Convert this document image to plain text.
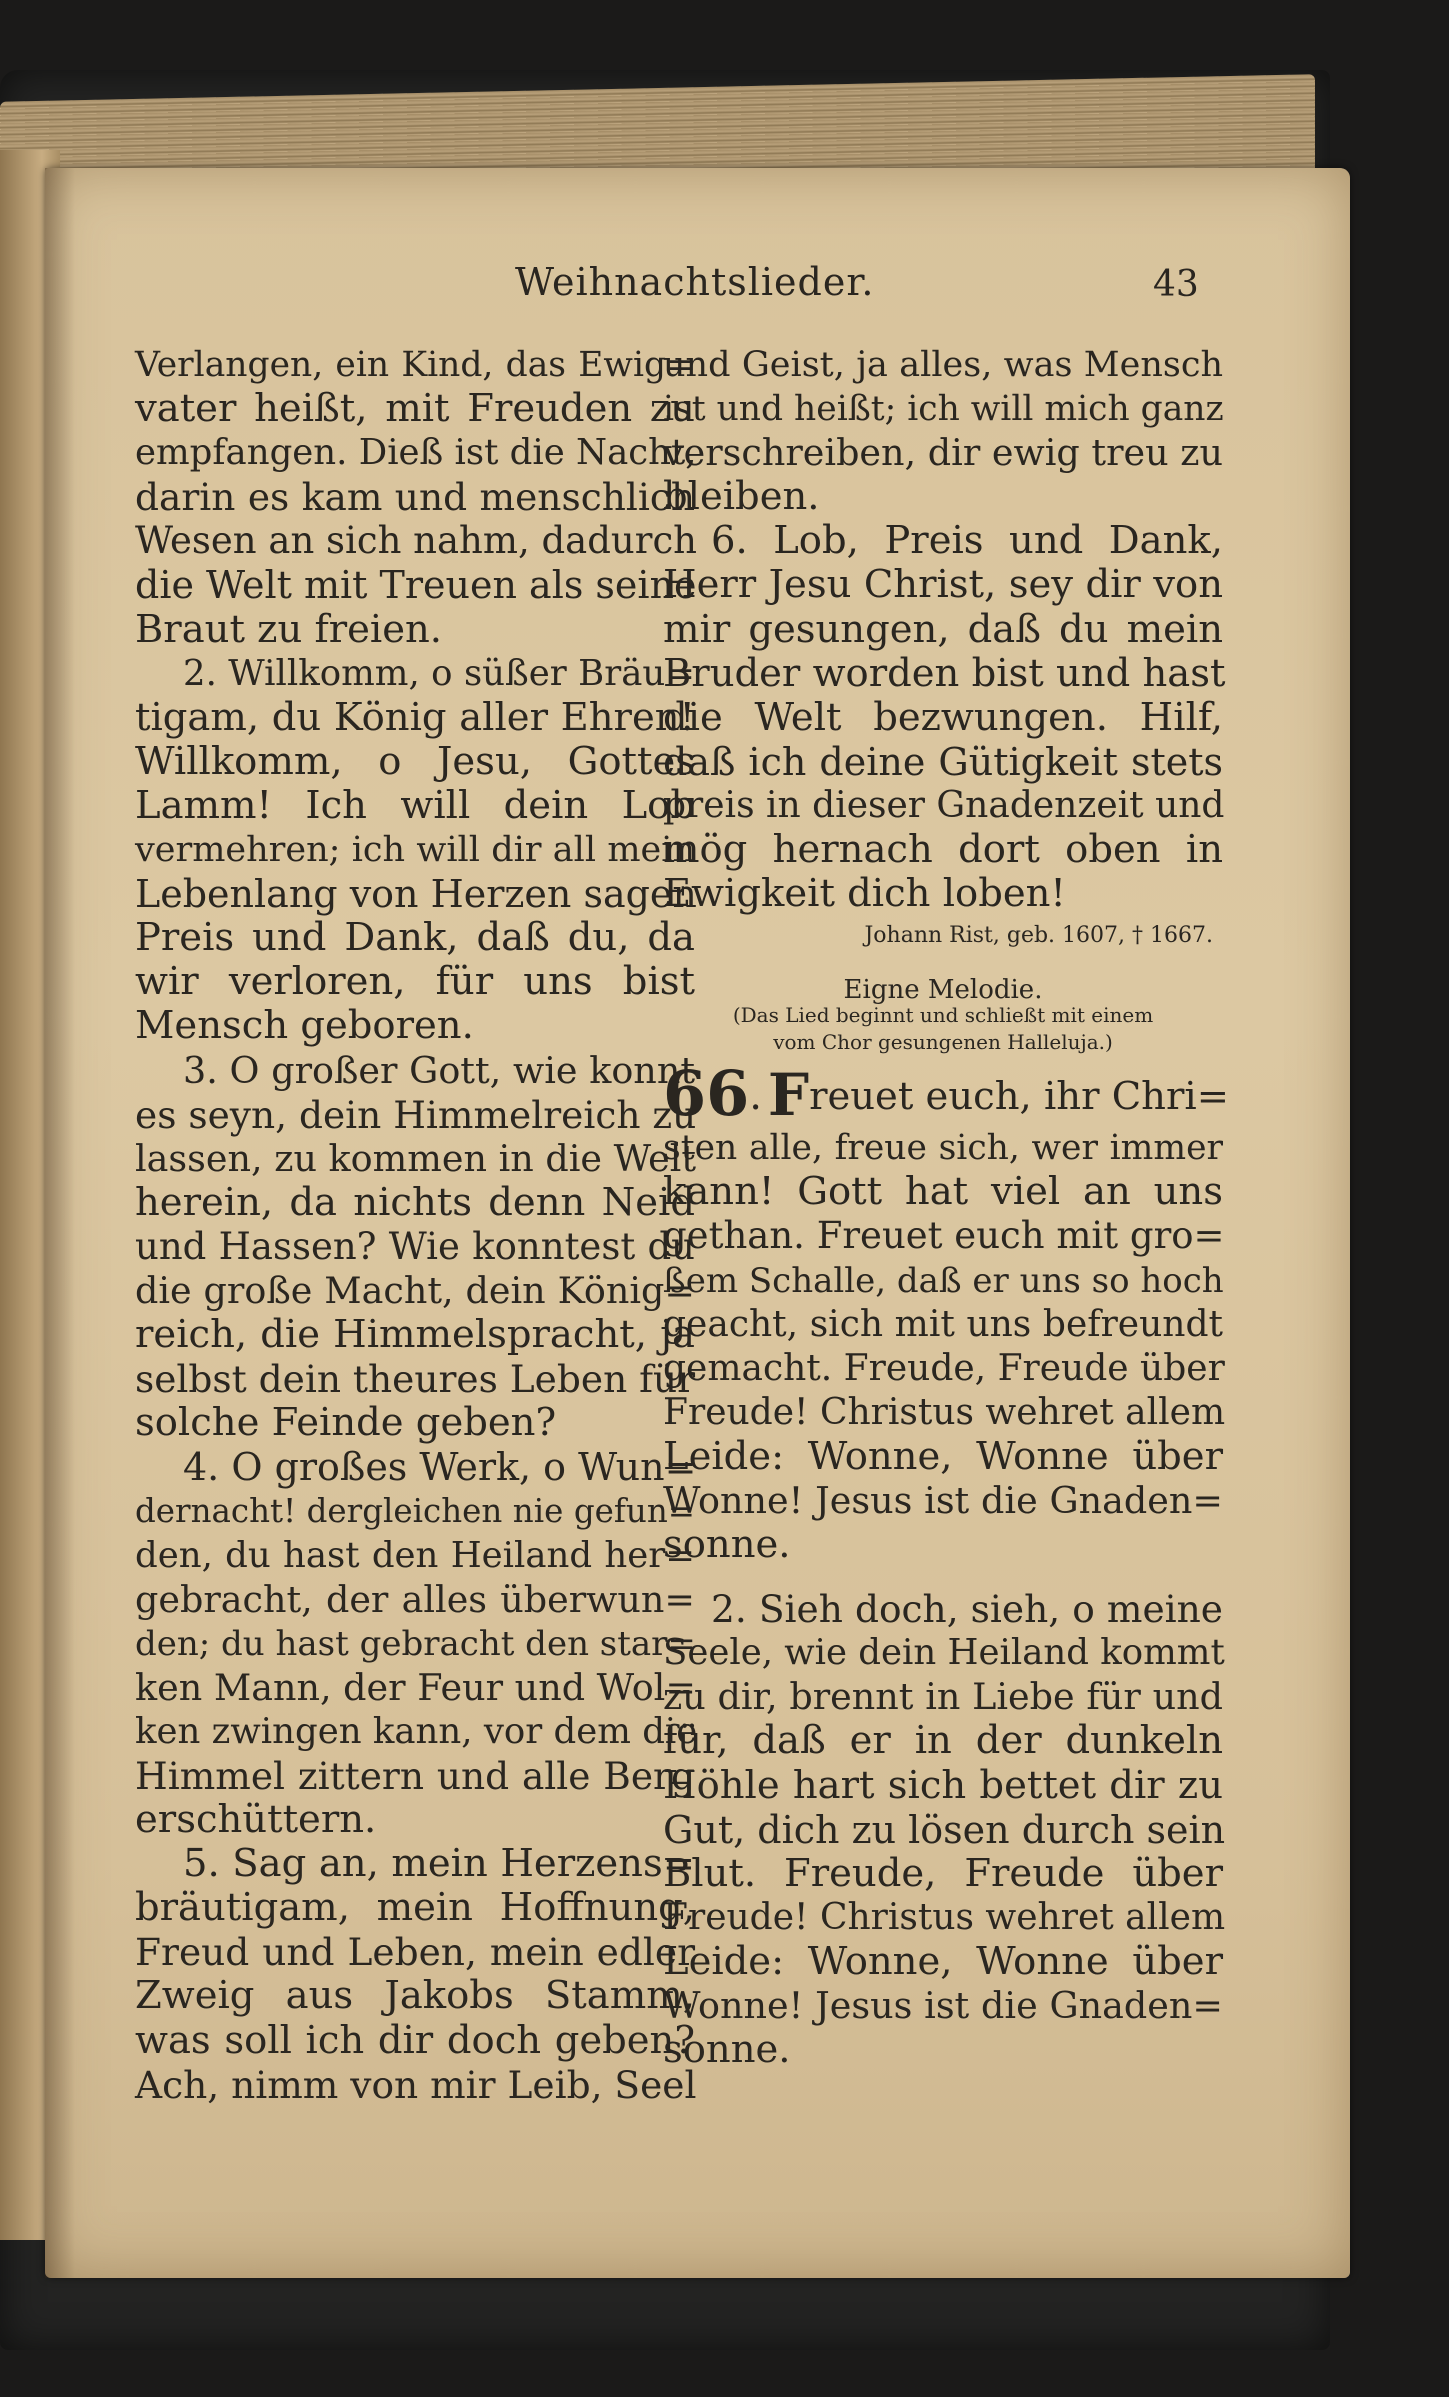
Weihnachtslieder.	43
Verlangen, ein Kind, das Ewig=
vater heißt, mit Freuden zu
empfangen. Dieß ist die Nacht,
darin es kam und menschlich
Wesen an sich nahm, dadurch
die Welt mit Treuen als seine
Braut zu freien.
2. Willkomm, o süßer Bräu=
tigam, du König aller Ehren!
Willkomm, o Jesu, Gottes
Lamm! Ich will dein Lob
vermehren; ich will dir all mein
Lebenlang von Herzen sagen
Preis und Dank, daß du, da
wir verloren, für uns bist
Mensch geboren.
3. O großer Gott, wie konnt
es seyn, dein Himmelreich zu
lassen, zu kommen in die Welt
herein, da nichts denn Neid
und Hassen? Wie konntest du
die große Macht, dein König=
reich, die Himmelspracht, ja
selbst dein theures Leben für
solche Feinde geben?
4. O großes Werk, o Wun=
dernacht! dergleichen nie gefun=
den, du hast den Heiland her=
gebracht, der alles überwun=
den; du hast gebracht den star=
ken Mann, der Feur und Wol=
ken zwingen kann, vor dem die
Himmel zittern und alle Berg
erschüttern.
5. Sag an, mein Herzens=
bräutigam, mein Hoffnung,
Freud und Leben, mein edler
Zweig aus Jakobs Stamm,
was soll ich dir doch geben?
Ach, nimm von mir Leib, Seel
und Geist, ja alles, was Mensch
ist und heißt; ich will mich ganz
verschreiben, dir ewig treu zu
bleiben.
6. Lob, Preis und Dank,
Herr Jesu Christ, sey dir von
mir gesungen, daß du mein
Bruder worden bist und hast
die Welt bezwungen. Hilf,
daß ich deine Gütigkeit stets
preis in dieser Gnadenzeit und
mög hernach dort oben in
Ewigkeit dich loben!
Johann Rist, geb. 1607, † 1667.
Eigne Melodie.
(Das Lied beginnt und schließt mit einem
vom Chor gesungenen Halleluja.)
66. Freuet euch, ihr Chri=
sten alle, freue sich, wer immer
kann! Gott hat viel an uns
gethan. Freuet euch mit gro=
ßem Schalle, daß er uns so hoch
geacht, sich mit uns befreundt
gemacht. Freude, Freude über
Freude! Christus wehret allem
Leide: Wonne, Wonne über
Wonne! Jesus ist die Gnaden=
sonne.
2. Sieh doch, sieh, o meine
Seele, wie dein Heiland kommt
zu dir, brennt in Liebe für und
für, daß er in der dunkeln
Höhle hart sich bettet dir zu
Gut, dich zu lösen durch sein
Blut. Freude, Freude über
Freude! Christus wehret allem
Leide: Wonne, Wonne über
Wonne! Jesus ist die Gnaden=
sonne.
